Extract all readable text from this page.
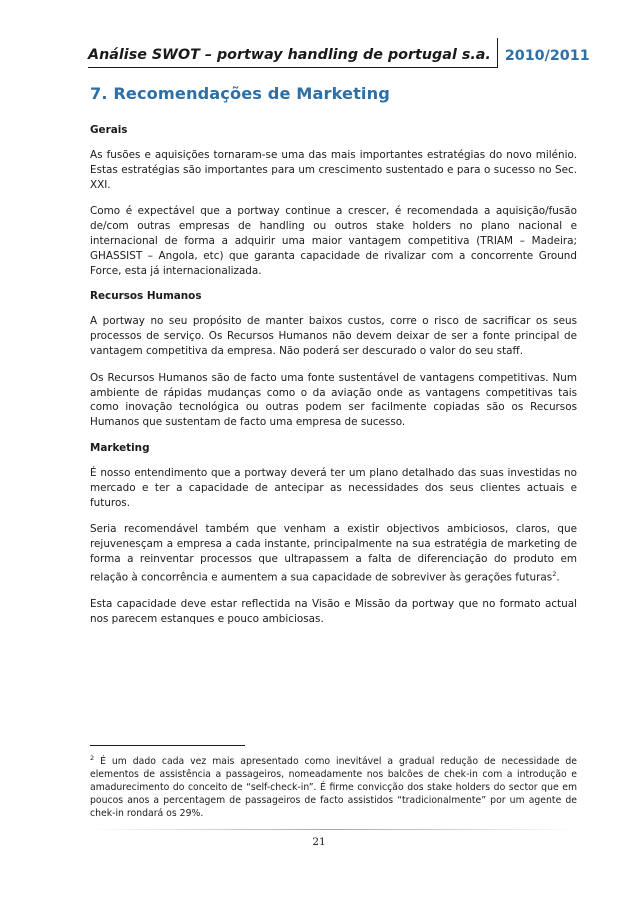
Análise SWOT – portway handling de portugal s.a. 2010/2011
7. Recomendações de Marketing
Gerais

As fusões e aquisições tornaram-se uma das mais importantes estratégias do novo milénio. Estas estratégias são importantes para um crescimento sustentado e para o sucesso no Sec. XXI.

Como é expectável que a portway continue a crescer, é recomendada a aquisição/fusão de/com outras empresas de handling ou outros stake holders no plano nacional e internacional de forma a adquirir uma maior vantagem competitiva (TRIAM – Madeira; GHASSIST – Angola, etc) que garanta capacidade de rivalizar com a concorrente Ground Force, esta já internacionalizada.

Recursos Humanos

A portway no seu propósito de manter baixos custos, corre o risco de sacrificar os seus processos de serviço. Os Recursos Humanos não devem deixar de ser a fonte principal de vantagem competitiva da empresa. Não poderá ser descurado o valor do seu staff.

Os Recursos Humanos são de facto uma fonte sustentável de vantagens competitivas. Num ambiente de rápidas mudanças como o da aviação onde as vantagens competitivas tais como inovação tecnológica ou outras podem ser facilmente copiadas são os Recursos Humanos que sustentam de facto uma empresa de sucesso.

Marketing

É nosso entendimento que a portway deverá ter um plano detalhado das suas investidas no mercado e ter a capacidade de antecipar as necessidades dos seus clientes actuais e futuros.

Seria recomendável também que venham a existir objectivos ambiciosos, claros, que rejuvenesçam a empresa a cada instante, principalmente na sua estratégia de marketing de forma a reinventar processos que ultrapassem a falta de diferenciação do produto em relação à concorrência e aumentem a sua capacidade de sobreviver às gerações futuras$^2$.

Esta capacidade deve estar reflectida na Visão e Missão da portway que no formato actual nos parecem estanques e pouco ambiciosas.

$^2$ É um dado cada vez mais apresentado como inevitável a gradual redução de necessidade de elementos de assistência a passageiros, nomeadamente nos balcões de chek-in com a introdução e amadurecimento do conceito de “self-check-in”. É firme convicção dos stake holders do sector que em poucos anos a percentagem de passageiros de facto assistidos “tradicionalmente” por um agente de chek-in rondará os 29%.

21
